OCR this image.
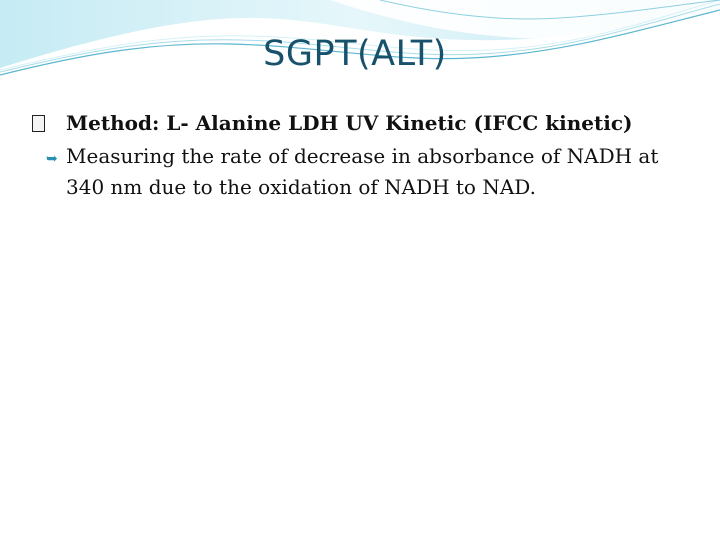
SGPT(ALT)

Method: L- Alanine LDH UV Kinetic (IFCC kinetic)

➥ Measuring the rate of decrease in absorbance of NADH at 340 nm due to the oxidation of NADH to NAD.
